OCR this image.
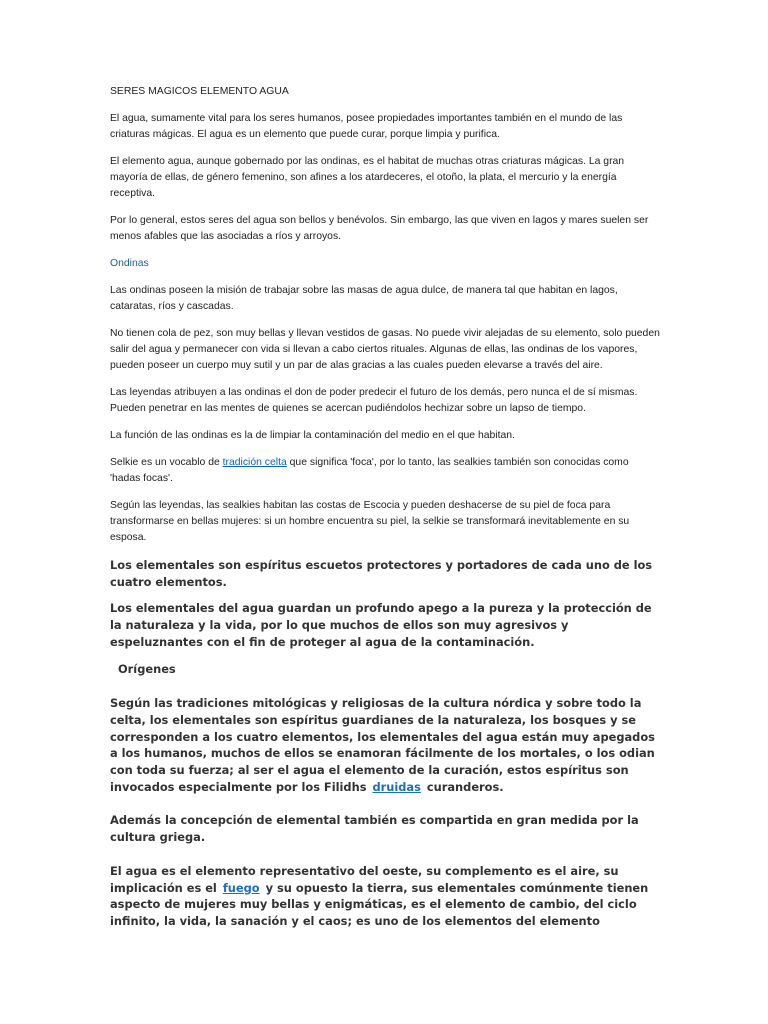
SERES MAGICOS ELEMENTO AGUA

El agua, sumamente vital para los seres humanos, posee propiedades importantes también en el mundo de las criaturas mágicas. El agua es un elemento que puede curar, porque limpia y purifica.

El elemento agua, aunque gobernado por las ondinas, es el habitat de muchas otras criaturas mágicas. La gran mayoría de ellas, de género femenino, son afines a los atardeceres, el otoño, la plata, el mercurio y la energía receptiva.

Por lo general, estos seres del agua son bellos y benévolos. Sin embargo, las que viven en lagos y mares suelen ser menos afables que las asociadas a ríos y arroyos.

Ondinas

Las ondinas poseen la misión de trabajar sobre las masas de agua dulce, de manera tal que habitan en lagos, cataratas, ríos y cascadas.

No tienen cola de pez, son muy bellas y llevan vestidos de gasas. No puede vivir alejadas de su elemento, solo pueden salir del agua y permanecer con vida si llevan a cabo ciertos rituales. Algunas de ellas, las ondinas de los vapores, pueden poseer un cuerpo muy sutil y un par de alas gracias a las cuales pueden elevarse a través del aire.

Las leyendas atribuyen a las ondinas el don de poder predecir el futuro de los demás, pero nunca el de sí mismas. Pueden penetrar en las mentes de quienes se acercan pudiéndolos hechizar sobre un lapso de tiempo.

La función de las ondinas es la de limpiar la contaminación del medio en el que habitan.

Selkie es un vocablo de tradición celta que significa 'foca', por lo tanto, las sealkies también son conocidas como 'hadas focas'.

Según las leyendas, las sealkies habitan las costas de Escocia y pueden deshacerse de su piel de foca para transformarse en bellas mujeres: si un hombre encuentra su piel, la selkie se transformará inevitablemente en su esposa.

Los elementales son espíritus escuetos protectores y portadores de cada uno de los cuatro elementos.

Los elementales del agua guardan un profundo apego a la pureza y la protección de la naturaleza y la vida, por lo que muchos de ellos son muy agresivos y espeluznantes con el fin de proteger al agua de la contaminación.

Orígenes

Según las tradiciones mitológicas y religiosas de la cultura nórdica y sobre todo la celta, los elementales son espíritus guardianes de la naturaleza, los bosques y se corresponden a los cuatro elementos, los elementales del agua están muy apegados a los humanos, muchos de ellos se enamoran fácilmente de los mortales, o los odian con toda su fuerza; al ser el agua el elemento de la curación, estos espíritus son invocados especialmente por los Filidhs druidas curanderos.

Además la concepción de elemental también es compartida en gran medida por la cultura griega.

El agua es el elemento representativo del oeste, su complemento es el aire, su implicación es el fuego y su opuesto la tierra, sus elementales comúnmente tienen aspecto de mujeres muy bellas y enigmáticas, es el elemento de cambio, del ciclo infinito, la vida, la sanación y el caos; es uno de los elementos del elemento
